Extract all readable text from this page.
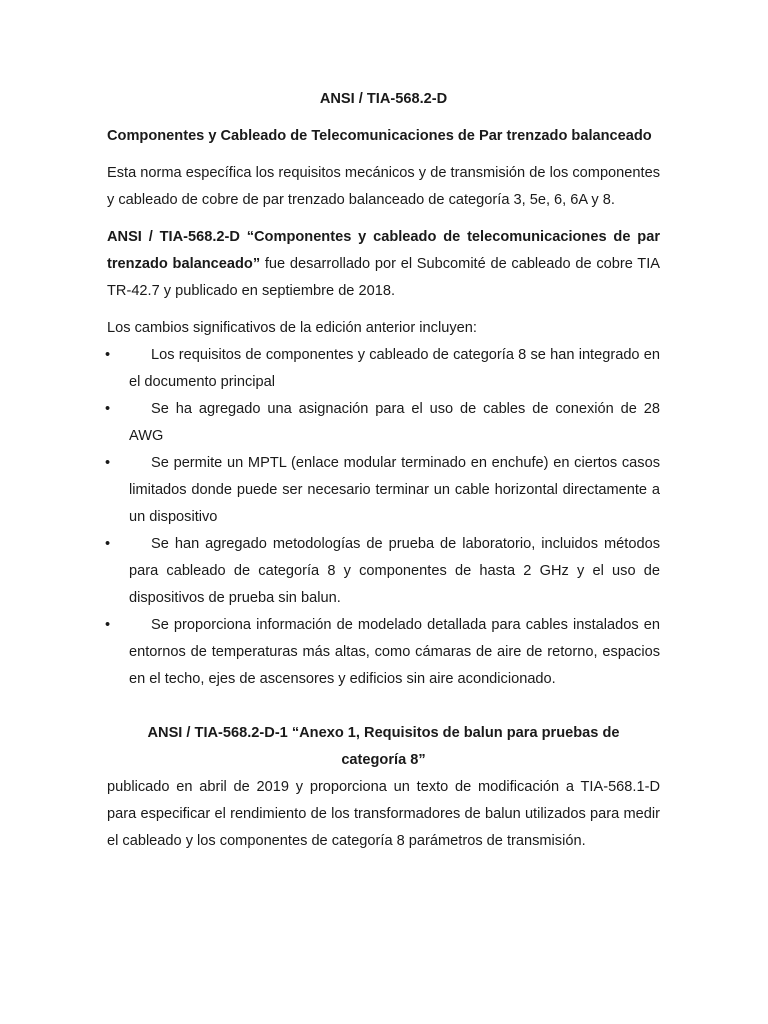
ANSI / TIA-568.2-D
Componentes y Cableado de Telecomunicaciones de Par trenzado balanceado
Esta norma específica los requisitos mecánicos y de transmisión de los componentes y cableado de cobre de par trenzado balanceado de categoría 3, 5e, 6, 6A y 8.
ANSI / TIA-568.2-D “Componentes y cableado de telecomunicaciones de par trenzado balanceado” fue desarrollado por el Subcomité de cableado de cobre TIA TR-42.7 y publicado en septiembre de 2018.
Los cambios significativos de la edición anterior incluyen:
•	Los requisitos de componentes y cableado de categoría 8 se han integrado en el documento principal
•	Se ha agregado una asignación para el uso de cables de conexión de 28 AWG
•	Se permite un MPTL (enlace modular terminado en enchufe) en ciertos casos limitados donde puede ser necesario terminar un cable horizontal directamente a un dispositivo
•	Se han agregado metodologías de prueba de laboratorio, incluidos métodos para cableado de categoría 8 y componentes de hasta 2 GHz y el uso de dispositivos de prueba sin balun.
•	Se proporciona información de modelado detallada para cables instalados en entornos de temperaturas más altas, como cámaras de aire de retorno, espacios en el techo, ejes de ascensores y edificios sin aire acondicionado.
ANSI / TIA-568.2-D-1 “Anexo 1, Requisitos de balun para pruebas de categoría 8”
publicado en abril de 2019 y proporciona un texto de modificación a TIA-568.1-D para especificar el rendimiento de los transformadores de balun utilizados para medir el cableado y los componentes de categoría 8 parámetros de transmisión.
